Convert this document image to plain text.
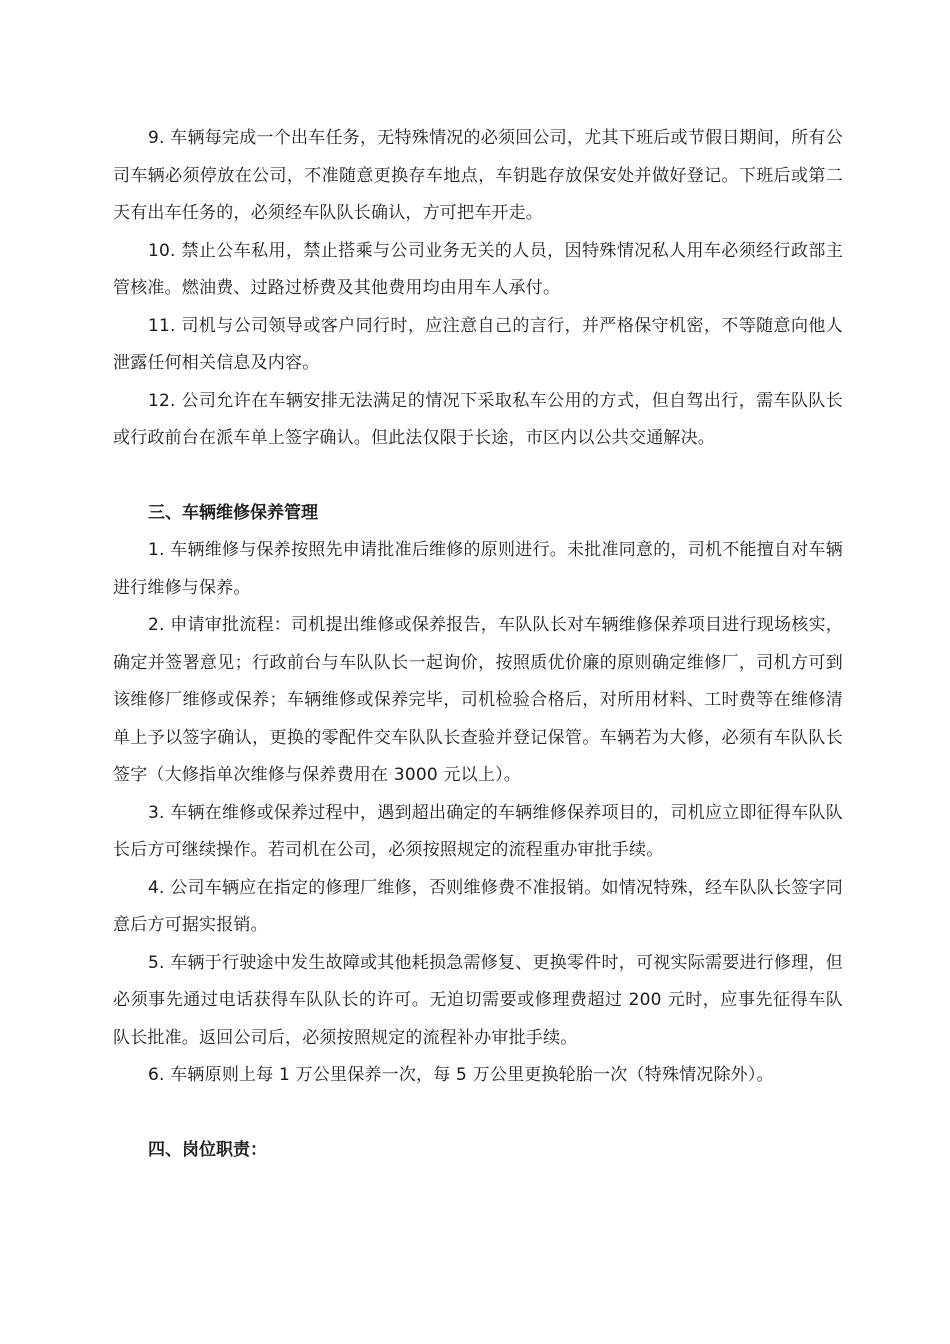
9. 车辆每完成一个出车任务，无特殊情况的必须回公司，尤其下班后或节假日期间，所有公司车辆必须停放在公司，不准随意更换存车地点，车钥匙存放保安处并做好登记。下班后或第二天有出车任务的，必须经车队队长确认，方可把车开走。

10. 禁止公车私用，禁止搭乘与公司业务无关的人员，因特殊情况私人用车必须经行政部主管核准。燃油费、过路过桥费及其他费用均由用车人承付。

11. 司机与公司领导或客户同行时，应注意自己的言行，并严格保守机密，不等随意向他人泄露任何相关信息及内容。

12. 公司允许在车辆安排无法满足的情况下采取私车公用的方式，但自驾出行，需车队队长或行政前台在派车单上签字确认。但此法仅限于长途，市区内以公共交通解决。

三、车辆维修保养管理

1. 车辆维修与保养按照先申请批准后维修的原则进行。未批准同意的，司机不能擅自对车辆进行维修与保养。

2. 申请审批流程：司机提出维修或保养报告，车队队长对车辆维修保养项目进行现场核实，确定并签署意见；行政前台与车队队长一起询价，按照质优价廉的原则确定维修厂，司机方可到该维修厂维修或保养；车辆维修或保养完毕，司机检验合格后，对所用材料、工时费等在维修清单上予以签字确认，更换的零配件交车队队长查验并登记保管。车辆若为大修，必须有车队队长签字（大修指单次维修与保养费用在 3000 元以上）。

3. 车辆在维修或保养过程中，遇到超出确定的车辆维修保养项目的，司机应立即征得车队队长后方可继续操作。若司机在公司，必须按照规定的流程重办审批手续。

4. 公司车辆应在指定的修理厂维修，否则维修费不准报销。如情况特殊，经车队队长签字同意后方可据实报销。

5. 车辆于行驶途中发生故障或其他耗损急需修复、更换零件时，可视实际需要进行修理，但必须事先通过电话获得车队队长的许可。无迫切需要或修理费超过 200 元时，应事先征得车队队长批准。返回公司后，必须按照规定的流程补办审批手续。

6. 车辆原则上每 1 万公里保养一次，每 5 万公里更换轮胎一次（特殊情况除外）。

四、岗位职责：
